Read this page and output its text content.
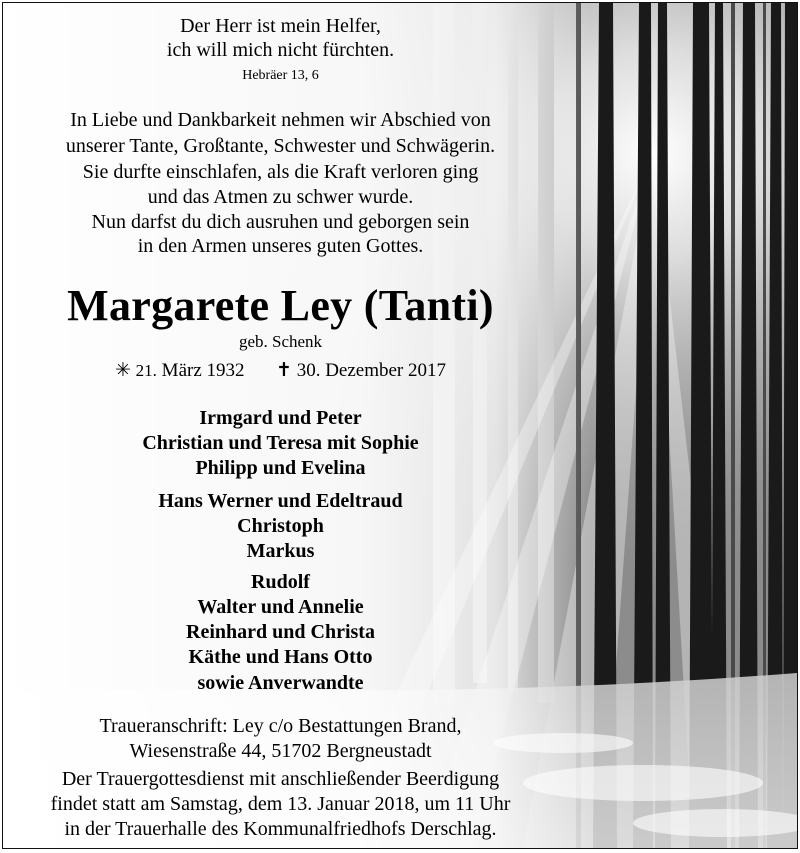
Der Herr ist mein Helfer,
ich will mich nicht fürchten.
Hebräer 13, 6
In Liebe und Dankbarkeit nehmen wir Abschied von
unserer Tante, Großtante, Schwester und Schwägerin.
Sie durfte einschlafen, als die Kraft verloren ging
und das Atmen zu schwer wurde.
Nun darfst du dich ausruhen und geborgen sein
in den Armen unseres guten Gottes.
Margarete Ley (Tanti)
geb. Schenk
✳ 21. März 1932 ✝ 30. Dezember 2017
Irmgard und Peter
Christian und Teresa mit Sophie
Philipp und Evelina
Hans Werner und Edeltraud
Christoph
Markus
Rudolf
Walter und Annelie
Reinhard und Christa
Käthe und Hans Otto
sowie Anverwandte
Traueranschrift: Ley c/o Bestattungen Brand,
Wiesenstraße 44, 51702 Bergneustadt
Der Trauergottesdienst mit anschließender Beerdigung
findet statt am Samstag, dem 13. Januar 2018, um 11 Uhr
in der Trauerhalle des Kommunalfriedhofs Derschlag.
